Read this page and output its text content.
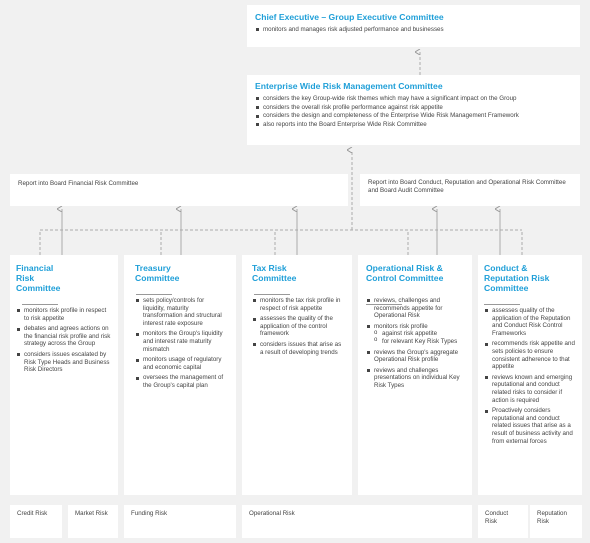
Chief Executive – Group Executive Committee
monitors and manages risk adjusted performance and businesses
Enterprise Wide Risk Management Committee
considers the key Group-wide risk themes which may have a significant impact on the Group
considers the overall risk profile performance against risk appetite
considers the design and completeness of the Enterprise Wide Risk Management Framework
also reports into the Board Enterprise Wide Risk Committee
Report into Board Financial Risk Committee	Report into Board Conduct, Reputation and Operational Risk Committee and Board Audit Committee
Financial Risk Committee
monitors risk profile in respect to risk appetite
debates and agrees actions on the financial risk profile and risk strategy across the Group
considers issues escalated by Risk Type Heads and Business Risk Directors
Treasury Committee
sets policy/controls for liquidity, maturity transformation and structural interest rate exposure
monitors the Group's liquidity and interest rate maturity mismatch
monitors usage of regulatory and economic capital
oversees the management of the Group's capital plan
Tax Risk Committee
monitors the tax risk profile in respect of risk appetite
assesses the quality of the application of the control framework
considers issues that arise as a result of developing trends
Operational Risk & Control Committee
reviews, challenges and recommends appetite for Operational Risk
monitors risk profile
o against risk appetite
o for relevant Key Risk Types
reviews the Group's aggregate Operational Risk profile
reviews and challenges presentations on individual Key Risk Types
Conduct & Reputation Risk Committee
assesses quality of the application of the Reputation and Conduct Risk Control Frameworks
recommends risk appetite and sets policies to ensure consistent adherence to that appetite
reviews known and emerging reputational and conduct related risks to consider if action is required
Proactively considers reputational and conduct related issues that arise as a result of business activity and from external forces
Credit Risk	Market Risk	Funding Risk	Operational Risk	Conduct Risk
Reputation Risk
